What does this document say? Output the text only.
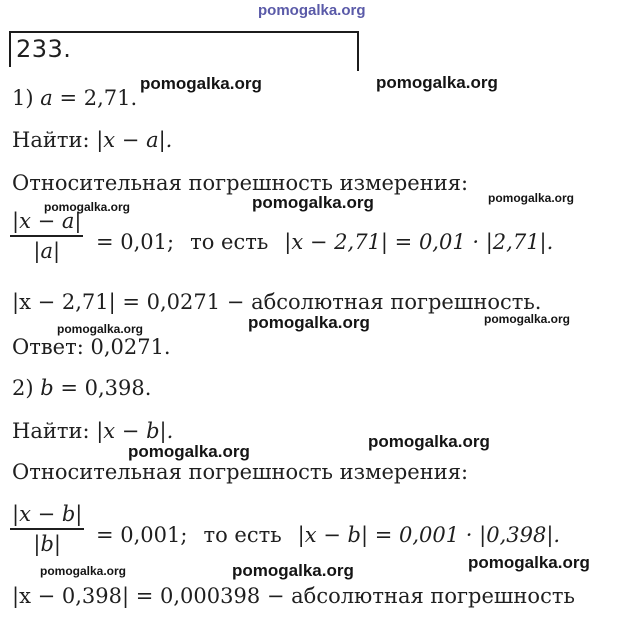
pomogalka.org
233.
1) a = 2,71.
Найти: |x − a|.
Относительная погрешность измерения:
|x − a|
|a|	= 0,01; то есть |x − 2,71| = 0,01 · |2,71|.
|x − 2,71| = 0,0271 − абсолютная погрешность.
Ответ: 0,0271.
2) b = 0,398.
Найти: |x − b|.
Относительная погрешность измерения:
|x − b|
|b|	= 0,001; то есть |x − b| = 0,001 · |0,398|.
|x − 0,398| = 0,000398 − абсолютная погрешность
pomogalka.org	pomogalka.org
pomogalka.org	pomogalka.org	pomogalka.org
pomogalka.org
pomogalka.org
pomogalka.org
pomogalka.org
pomogalka.org
pomogalka.org	pomogalka.org	pomogalka.org
